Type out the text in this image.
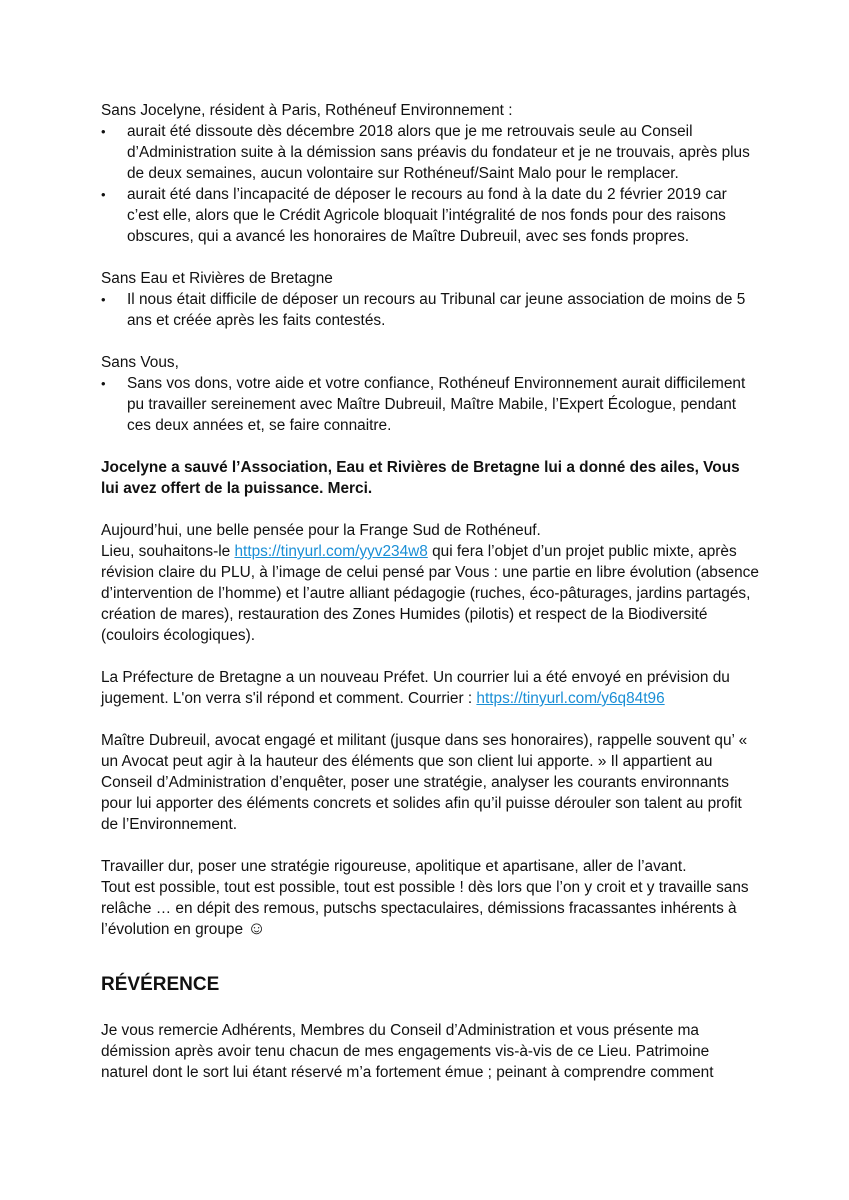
Sans Jocelyne, résident à Paris, Rothéneuf Environnement :

• aurait été dissoute dès décembre 2018 alors que je me retrouvais seule au Conseil d’Administration suite à la démission sans préavis du fondateur et je ne trouvais, après plus de deux semaines, aucun volontaire sur Rothéneuf/Saint Malo pour le remplacer.
• aurait été dans l’incapacité de déposer le recours au fond à la date du 2 février 2019 car c’est elle, alors que le Crédit Agricole bloquait l’intégralité de nos fonds pour des raisons obscures, qui a avancé les honoraires de Maître Dubreuil, avec ses fonds propres.

Sans Eau et Rivières de Bretagne

• Il nous était difficile de déposer un recours au Tribunal car jeune association de moins de 5 ans et créée après les faits contestés.

Sans Vous,

• Sans vos dons, votre aide et votre confiance, Rothéneuf Environnement aurait difficilement pu travailler sereinement avec Maître Dubreuil, Maître Mabile, l’Expert Écologue, pendant ces deux années et, se faire connaitre.

Jocelyne a sauvé l’Association, Eau et Rivières de Bretagne lui a donné des ailes, Vous lui avez offert de la puissance. Merci.

Aujourd’hui, une belle pensée pour la Frange Sud de Rothéneuf.
Lieu, souhaitons-le https://tinyurl.com/yyv234w8 qui fera l’objet d’un projet public mixte, après révision claire du PLU, à l’image de celui pensé par Vous : une partie en libre évolution (absence d’intervention de l’homme) et l’autre alliant pédagogie (ruches, éco-pâturages, jardins partagés, création de mares), restauration des Zones Humides (pilotis) et respect de la Biodiversité (couloirs écologiques).

La Préfecture de Bretagne a un nouveau Préfet. Un courrier lui a été envoyé en prévision du jugement. L'on verra s'il répond et comment. Courrier : https://tinyurl.com/y6q84t96

Maître Dubreuil, avocat engagé et militant (jusque dans ses honoraires), rappelle souvent qu’ « un Avocat peut agir à la hauteur des éléments que son client lui apporte. » Il appartient au Conseil d’Administration d’enquêter, poser une stratégie, analyser les courants environnants pour lui apporter des éléments concrets et solides afin qu’il puisse dérouler son talent au profit de l’Environnement.

Travailler dur, poser une stratégie rigoureuse, apolitique et apartisane, aller de l’avant.
Tout est possible, tout est possible, tout est possible ! dès lors que l’on y croit et y travaille sans relâche … en dépit des remous, putschs spectaculaires, démissions fracassantes inhérents à l’évolution en groupe ☺

RÉVÉRENCE

Je vous remercie Adhérents, Membres du Conseil d’Administration et vous présente ma démission après avoir tenu chacun de mes engagements vis-à-vis de ce Lieu. Patrimoine naturel dont le sort lui étant réservé m’a fortement émue ; peinant à comprendre comment
